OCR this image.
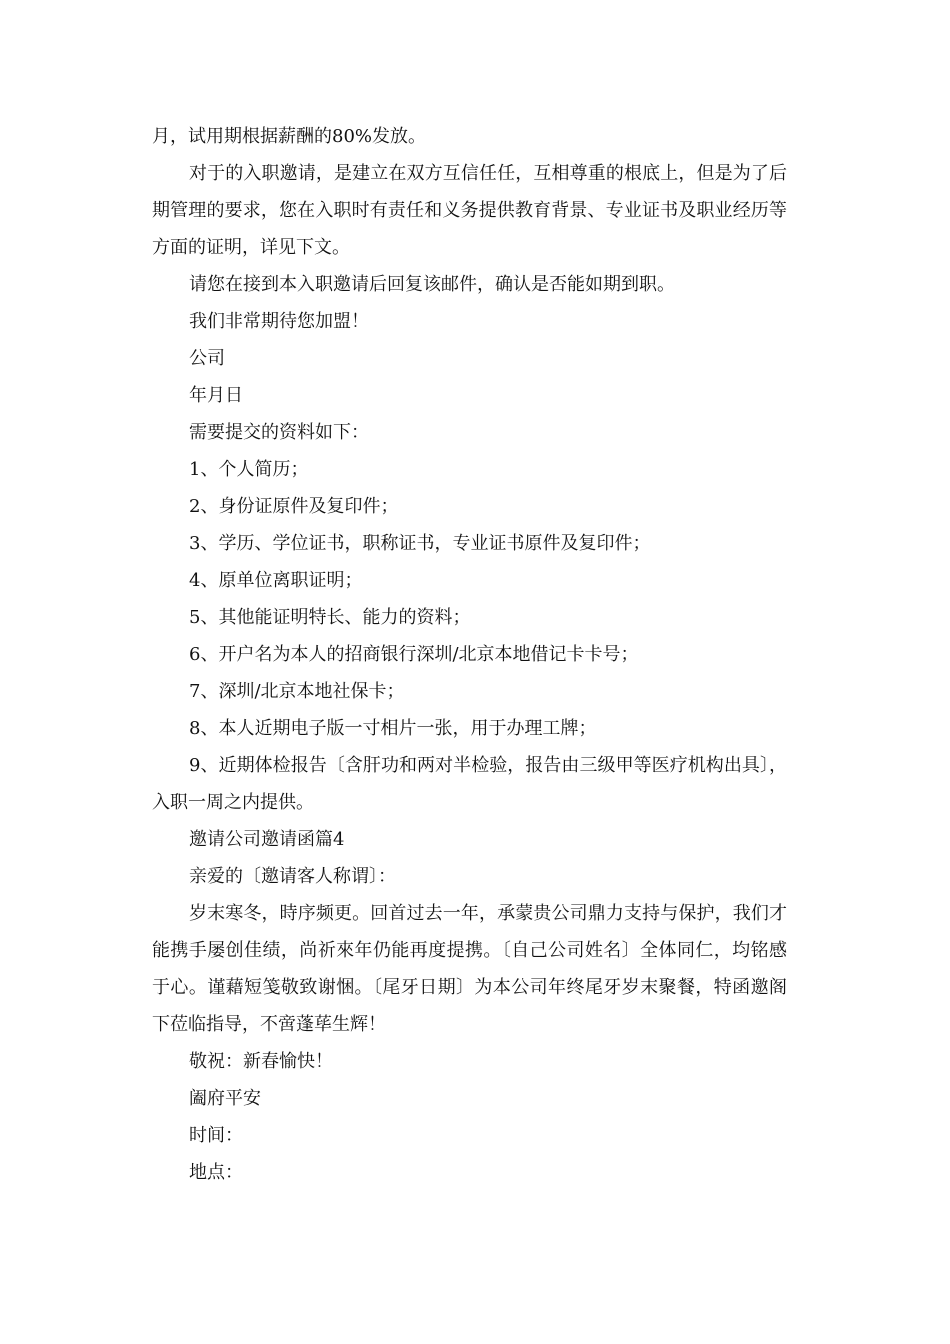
月，试用期根据薪酬的80%发放。

对于的入职邀请，是建立在双方互信任任，互相尊重的根底上，但是为了后期管理的要求，您在入职时有责任和义务提供教育背景、专业证书及职业经历等方面的证明，详见下文。

请您在接到本入职邀请后回复该邮件，确认是否能如期到职。

我们非常期待您加盟！

公司

年月日

需要提交的资料如下：

1、个人简历；

2、身份证原件及复印件；

3、学历、学位证书，职称证书，专业证书原件及复印件；

4、原单位离职证明；

5、其他能证明特长、能力的资料；

6、开户名为本人的招商银行深圳/北京本地借记卡卡号；

7、深圳/北京本地社保卡；

8、本人近期电子版一寸相片一张，用于办理工牌；

9、近期体检报告〔含肝功和两对半检验，报告由三级甲等医疗机构出具〕，入职一周之内提供。

邀请公司邀请函篇4

亲爱的〔邀请客人称谓〕：

岁末寒冬，時序频更。回首过去一年，承蒙贵公司鼎力支持与保护，我们才能携手屡创佳绩，尚祈來年仍能再度提携。〔自己公司姓名〕全体同仁，均铭感于心。谨藉短笺敬致谢悃。〔尾牙日期〕为本公司年终尾牙岁末聚餐，特函邀阁下莅临指导，不啻蓬荜生辉！

敬祝：新春愉快！

阖府平安

时间：

地点：
